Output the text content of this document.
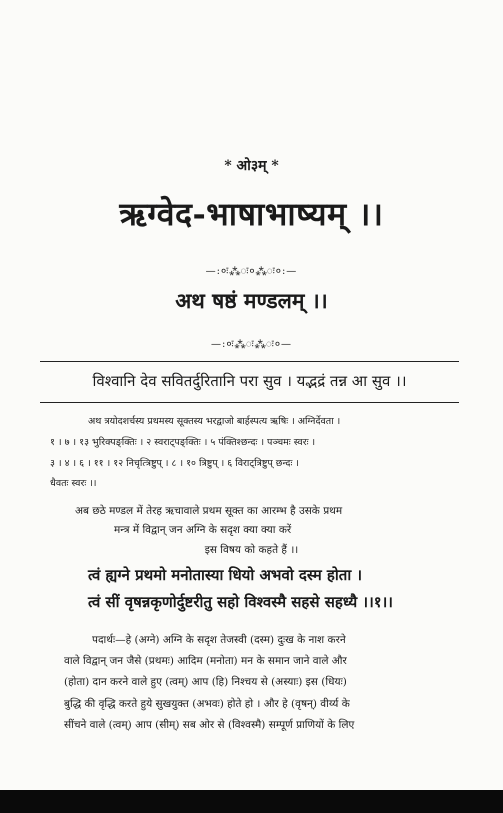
* ओ३म् *
ऋग्वेद-भाषाभाष्यम् ।।
—:०ः⁂ः०⁂ः०:—
अथ षष्ठं मण्डलम् ।।
—:०ः⁂ः⁂ः०—
विश्वानि देव सवितर्दुरितानि परा सुव । यद्भद्रं तन्न आ सुव ।।
अथ त्रयोदशर्चस्य प्रथमस्य सूक्तस्य भरद्वाजो बार्हस्पत्य ऋषिः । अग्निर्देवता ।
१ । ७ । १३ भुरिक्पङ्क्तिः । २ स्वराट्पङ्क्तिः । ५ पंक्तिश्छन्दः । पञ्चमः स्वरः ।
३ । ४ । ६ । ११ । १२ निचृत्त्रिष्टुप् । ८ । १० त्रिष्टुप् । ६ विराट्त्रिष्टुप् छन्दः ।
धैवतः स्वरः ।।
अब छठे मण्डल में तेरह ऋचावाले प्रथम सूक्त का आरम्भ है उसके प्रथम
मन्त्र में विद्वान् जन अग्नि के सदृश क्या क्या करें
इस विषय को कहते हैं ।।
त्वं ह्यग्ने प्रथमो मनोतास्या धियो अभवो दस्म होता ।
त्वं सीं वृषन्नकृणोर्दुष्टरीतु सहो विश्वस्मै सहसे सहध्यै ।।१।।
पदार्थः—हे (अग्ने) अग्नि के सदृश तेजस्वी (दस्म) दुःख के नाश करने
वाले विद्वान् जन जैसे (प्रथमः) आदिम (मनोता) मन के समान जाने वाले और
(होता) दान करने वाले हुए (त्वम्) आप (हि) निश्चय से (अस्याः) इस (धियः)
बुद्धि की वृद्धि करते हुये सुखयुक्त (अभवः) होते हो । और हे (वृषन्) वीर्य्य के
सींचने वाले (त्वम्) आप (सीम्) सब ओर से (विश्वस्मै) सम्पूर्ण प्राणियों के लिए
